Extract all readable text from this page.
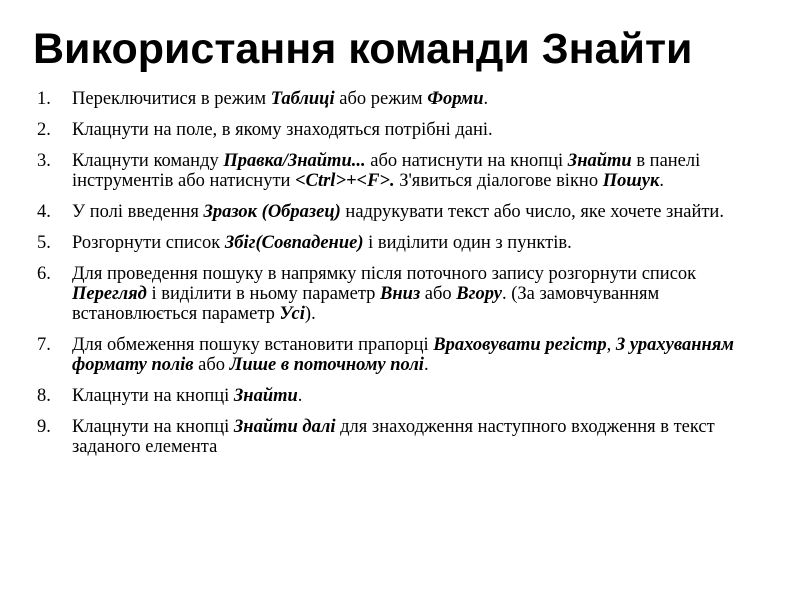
Використання команди Знайти
1.	Переключитися в режим Таблиці або режим Форми.
2.	Клацнути на поле, в якому знаходяться потрібні дані.
3.	Клацнути команду Правка/Знайти... або натиснути на кнопці Знайти в панелі інструментів або натиснути <Ctrl>+<F>. З'явиться діалогове вікно Пошук.
4.	У полі введення Зразок (Образец) надрукувати текст або число, яке хочете знайти.
5.	Розгорнути список Збіг(Совпадение) і виділити один з пунктів.
6.	Для проведення пошуку в напрямку після поточного запису розгорнути список Перегляд і виділити в ньому параметр Вниз або Вгору. (За замовчуванням встановлюється параметр Усі).
7.	Для обмеження пошуку встановити прапорці Враховувати регістр, З урахуванням формату полів або Лише в поточному полі.
8.	Клацнути на кнопці Знайти.
9.	Клацнути на кнопці Знайти далі для знаходження наступного входження в текст заданого елемента
